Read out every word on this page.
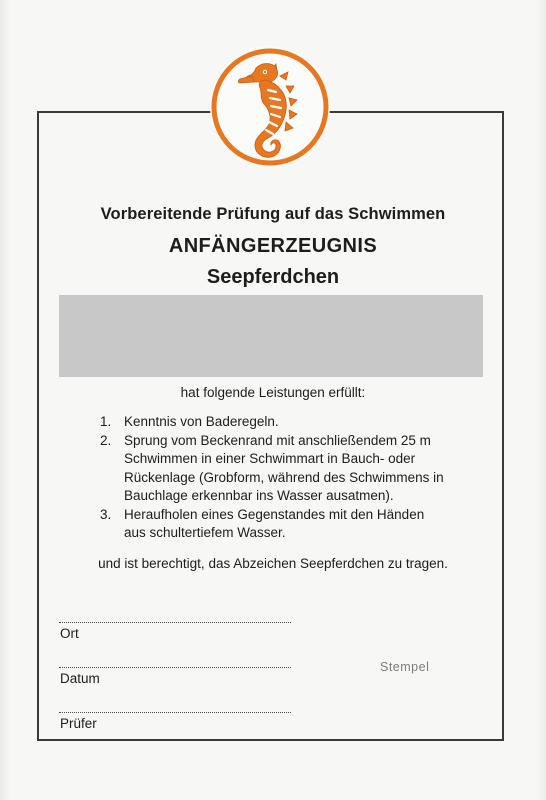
Vorbereitende Prüfung auf das Schwimmen
ANFÄNGERZEUGNIS
Seepferdchen
hat folgende Leistungen erfüllt:
1. Kenntnis von Baderegeln.
2. Sprung vom Beckenrand mit anschließendem 25 m
Schwimmen in einer Schwimmart in Bauch- oder
Rückenlage (Grobform, während des Schwimmens in
Bauchlage erkennbar ins Wasser ausatmen).
3. Heraufholen eines Gegenstandes mit den Händen
aus schultertiefem Wasser.
und ist berechtigt, das Abzeichen Seepferdchen zu tragen.
Ort
Datum
Prüfer
Stempel
